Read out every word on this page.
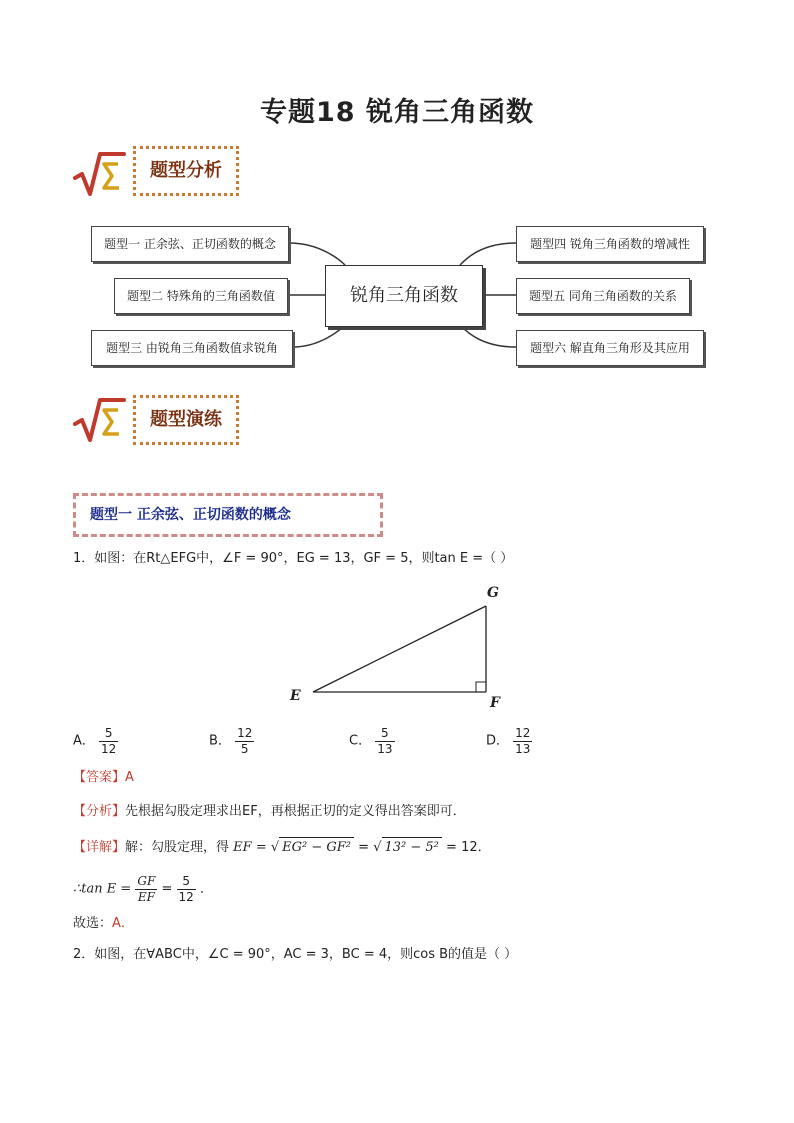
专题18 锐角三角函数
题型分析
题型一 正余弦、正切函数的概念
题型二 特殊角的三角函数值
题型三 由锐角三角函数值求锐角
锐角三角函数
题型四 锐角三角函数的增减性
题型五 同角三角函数的关系
题型六 解直角三角形及其应用
题型演练
题型一 正余弦、正切函数的概念
1．如图：在Rt△EFG中，∠F = 90°，EG = 13，GF = 5，则tan E =（ ）
G
E	F
A． $\frac{5}{12}$	B． $\frac{12}{5}$	C． $\frac{5}{13}$	D． $\frac{12}{13}$
【答案】A
【分析】先根据勾股定理求出EF，再根据正切的定义得出答案即可．
【详解】解：勾股定理，得 EF = √ EG² − GF² = √ 13² − 5² = 12．
∴tan $E = \frac{GF}{EF} = \frac{5}{12}$ ．
故选：A．
2．如图，在∀ABC中，∠C = 90°，AC = 3，BC = 4，则cos B的值是（ ）
